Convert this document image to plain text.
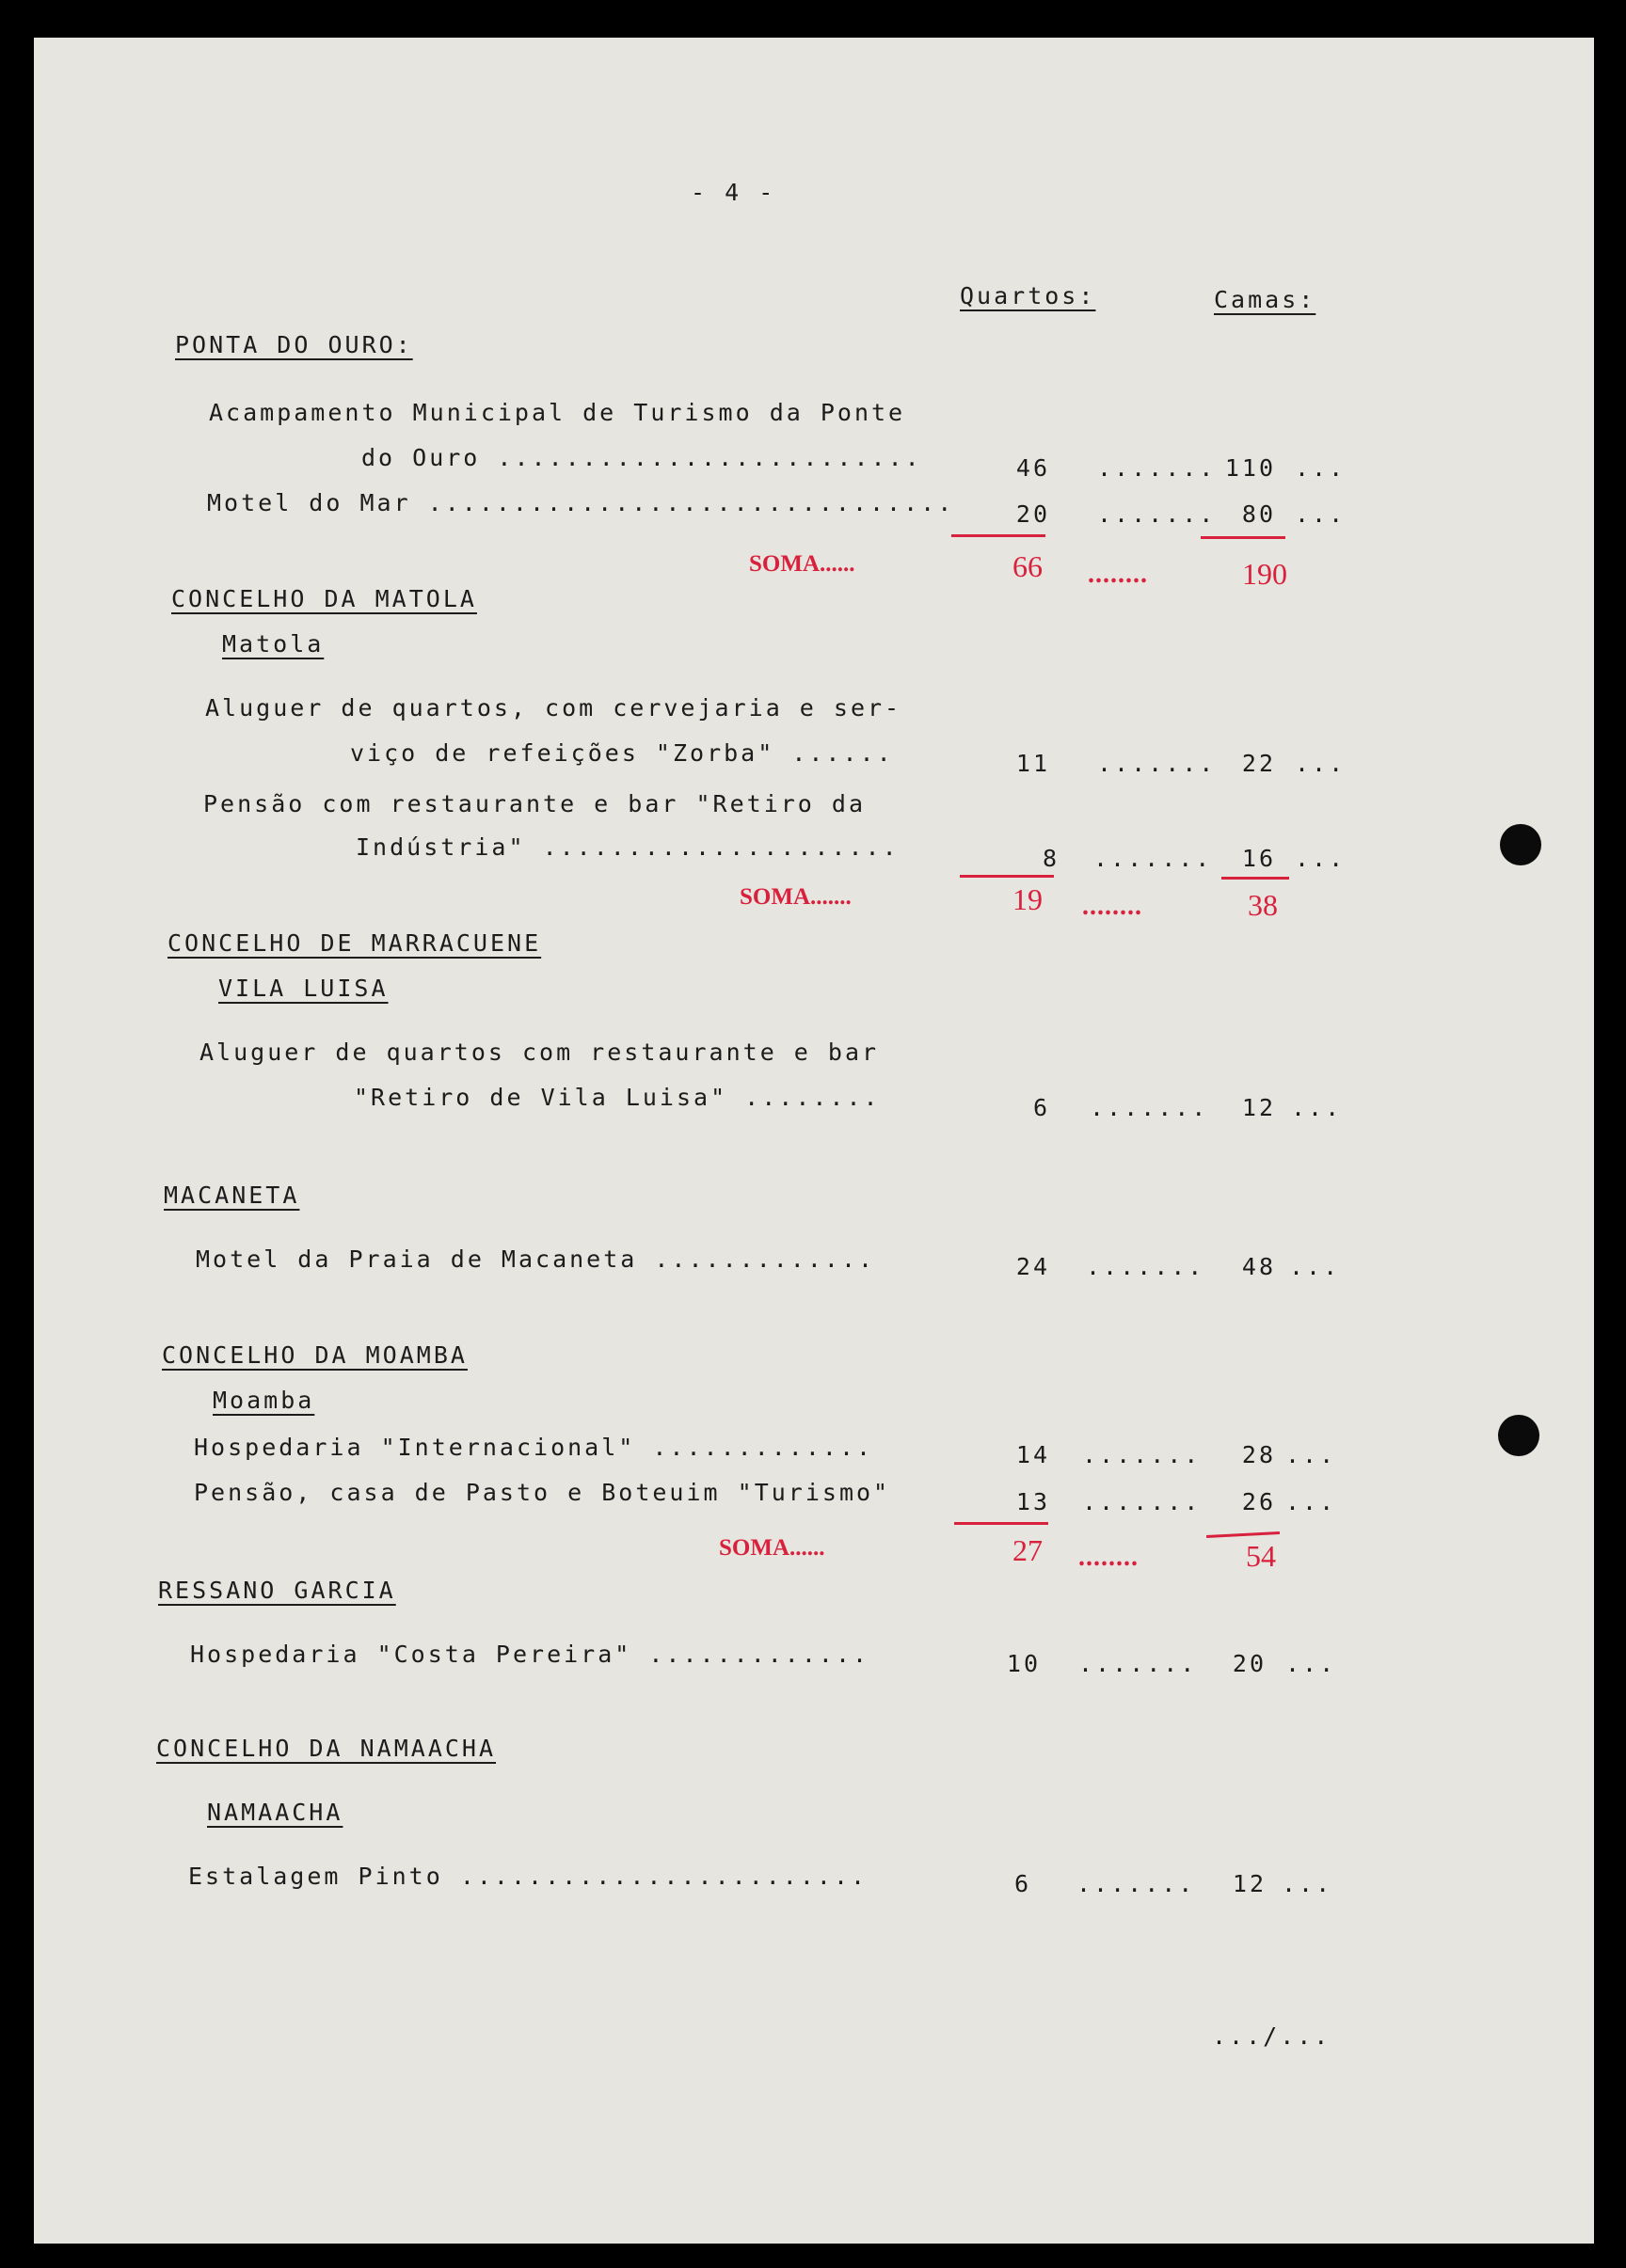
- 4 -
Quartos:	Camas:
PONTA DO OURO:
Acampamento Municipal de Turismo da Ponte
do Ouro .........................	46 ....... 110 ...
Motel do Mar ...............................	20 .......	80 ...
SOMA......	66 ........	190
CONCELHO DA MATOLA
Matola
Aluguer de quartos, com cervejaria e ser-
viço de refeições "Zorba" ......	11 .......	22 ...
Pensão com restaurante e bar "Retiro da
Indústria" .....................	8 .......	16 ...
SOMA.......	19 ........	38
CONCELHO DE MARRACUENE
VILA LUISA
Aluguer de quartos com restaurante e bar
"Retiro de Vila Luisa" ........	6 .......	12 ...
MACANETA
Motel da Praia de Macaneta .............	24 .......	48 ...
CONCELHO DA MOAMBA
Moamba
Hospedaria "Internacional" .............	14 .......	28 ...
Pensão, casa de Pasto e Boteuim "Turismo"	13 .......	26 ...
SOMA......	27 ........	54
RESSANO GARCIA
Hospedaria "Costa Pereira" .............	10 .......	20 ...
CONCELHO DA NAMAACHA
NAMAACHA
Estalagem Pinto ........................	6 .......	12 ...
.../...
